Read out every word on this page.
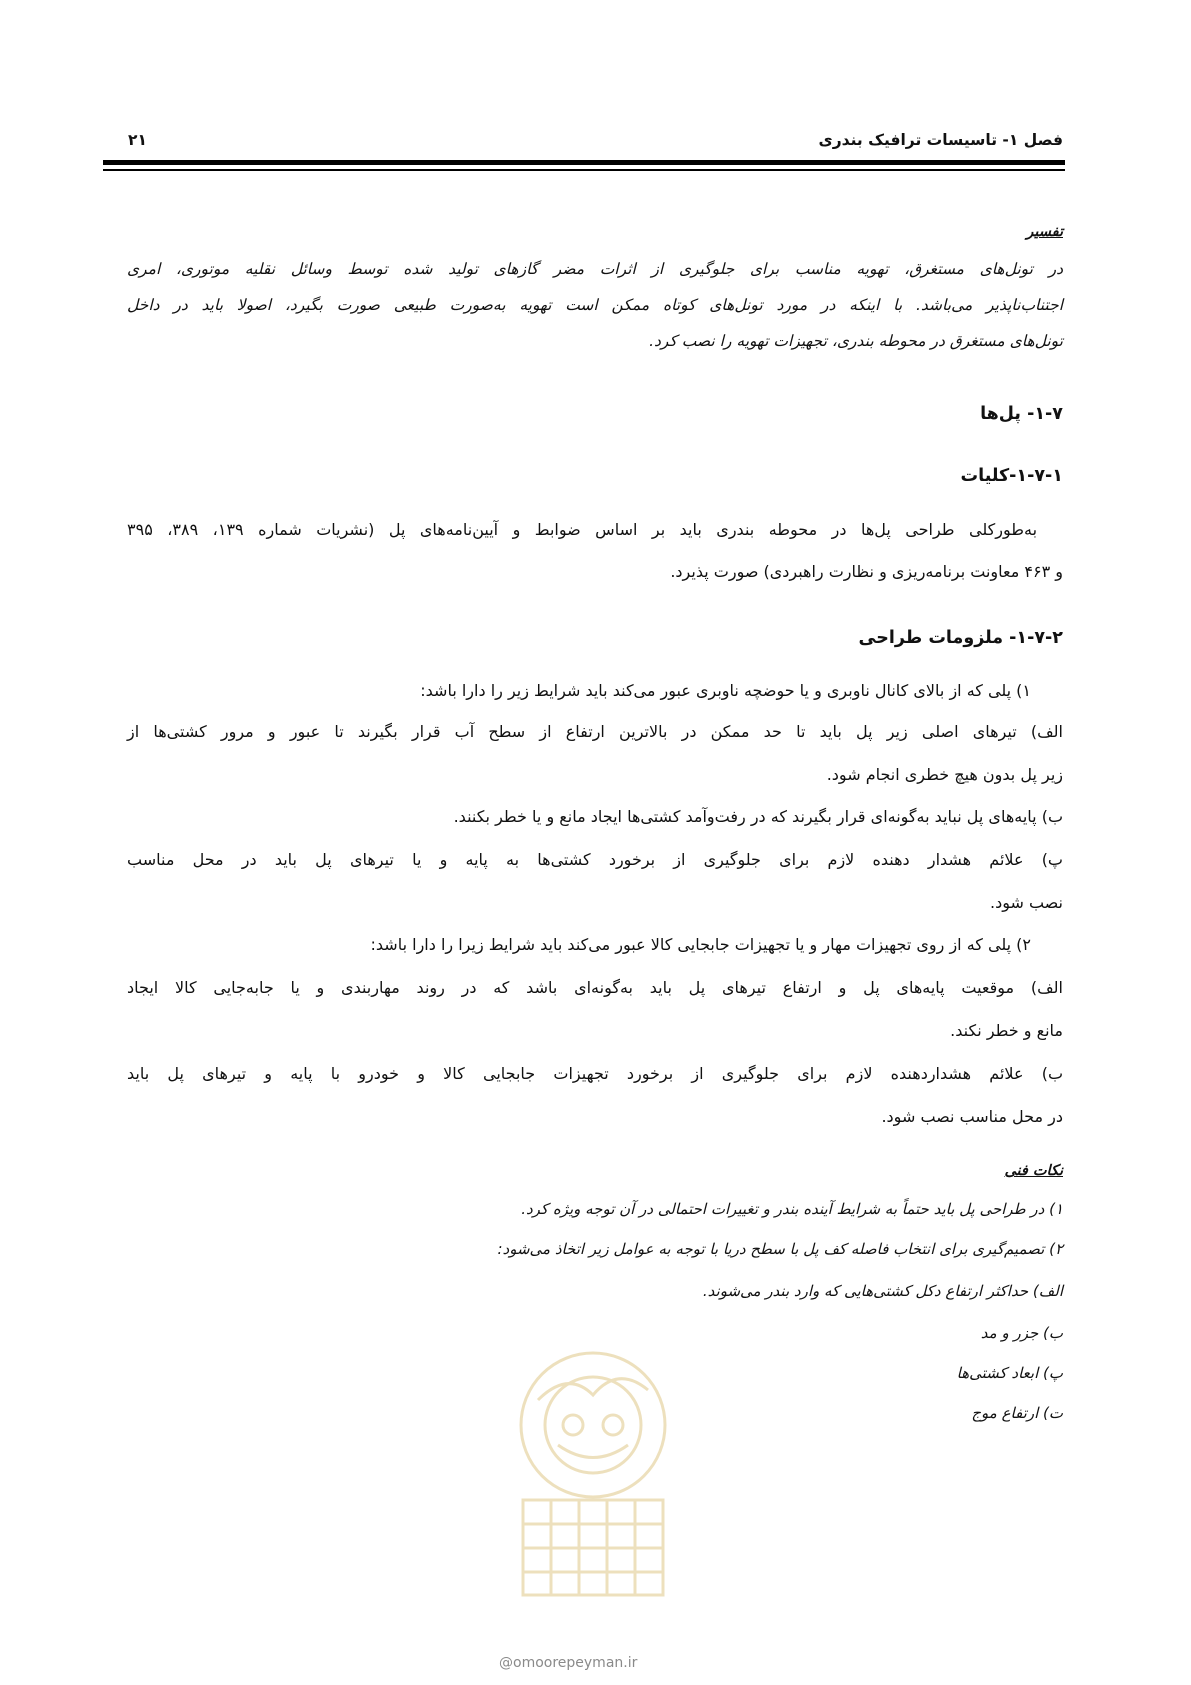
فصل ۱- تاسیسات ترافیک بندری
۲۱
تفسیر
در تونل‌های مستغرق، تهویه مناسب برای جلوگیری از اثرات مضر گازهای تولید شده توسط وسائل نقلیه موتوری، امری
اجتناب‌ناپذیر می‌باشد. با اینکه در مورد تونل‌های کوتاه ممکن است تهویه به‌صورت طبیعی صورت بگیرد، اصولا باید در داخل
تونل‌های مستغرق در محوطه بندری، تجهیزات تهویه را نصب کرد.
۱-۷- پل‌ها
۱-۷-۱-کلیات
به‌طورکلی طراحی پل‌ها در محوطه بندری باید بر اساس ضوابط و آیین‌نامه‌های پل (نشریات شماره ۱۳۹، ۳۸۹، ۳۹۵
و ۴۶۳ معاونت برنامه‌ریزی و نظارت راهبردی) صورت پذیرد.
۱-۷-۲- ملزومات طراحی
۱) پلی که از بالای کانال ناوبری و یا حوضچه ناوبری عبور می‌کند باید شرایط زیر را دارا باشد:
الف) تیرهای اصلی زیر پل باید تا حد ممکن در بالاترین ارتفاع از سطح آب قرار بگیرند تا عبور و مرور کشتی‌ها از
زیر پل بدون هیچ خطری انجام شود.
ب) پایه‌های پل نباید به‌گونه‌ای قرار بگیرند که در رفت‌وآمد کشتی‌ها ایجاد مانع و یا خطر بکنند.
پ) علائم هشدار دهنده لازم برای جلوگیری از برخورد کشتی‌ها به پایه و یا تیرهای پل باید در محل مناسب
نصب شود.
۲) پلی که از روی تجهیزات مهار و یا تجهیزات جابجایی کالا عبور می‌کند باید شرایط زیرا را دارا باشد:
الف) موقعیت پایه‌های پل و ارتفاع تیرهای پل باید به‌گونه‌ای باشد که در روند مهاربندی و یا جابه‌جایی کالا ایجاد
مانع و خطر نکند.
ب) علائم هشداردهنده لازم برای جلوگیری از برخورد تجهیزات جابجایی کالا و خودرو با پایه و تیرهای پل باید
در محل مناسب نصب شود.
نکات فنی
۱) در طراحی پل باید حتماً به شرایط آینده بندر و تغییرات احتمالی در آن توجه ویژه کرد.
۲) تصمیم‌گیری برای انتخاب فاصله کف پل با سطح دریا با توجه به عوامل زیر اتخاذ می‌شود:
الف) حداکثر ارتفاع دکل کشتی‌هایی که وارد بندر می‌شوند.
ب) جزر و مد
پ) ابعاد کشتی‌ها
ت) ارتفاع موج
@omoorepeyman.ir
